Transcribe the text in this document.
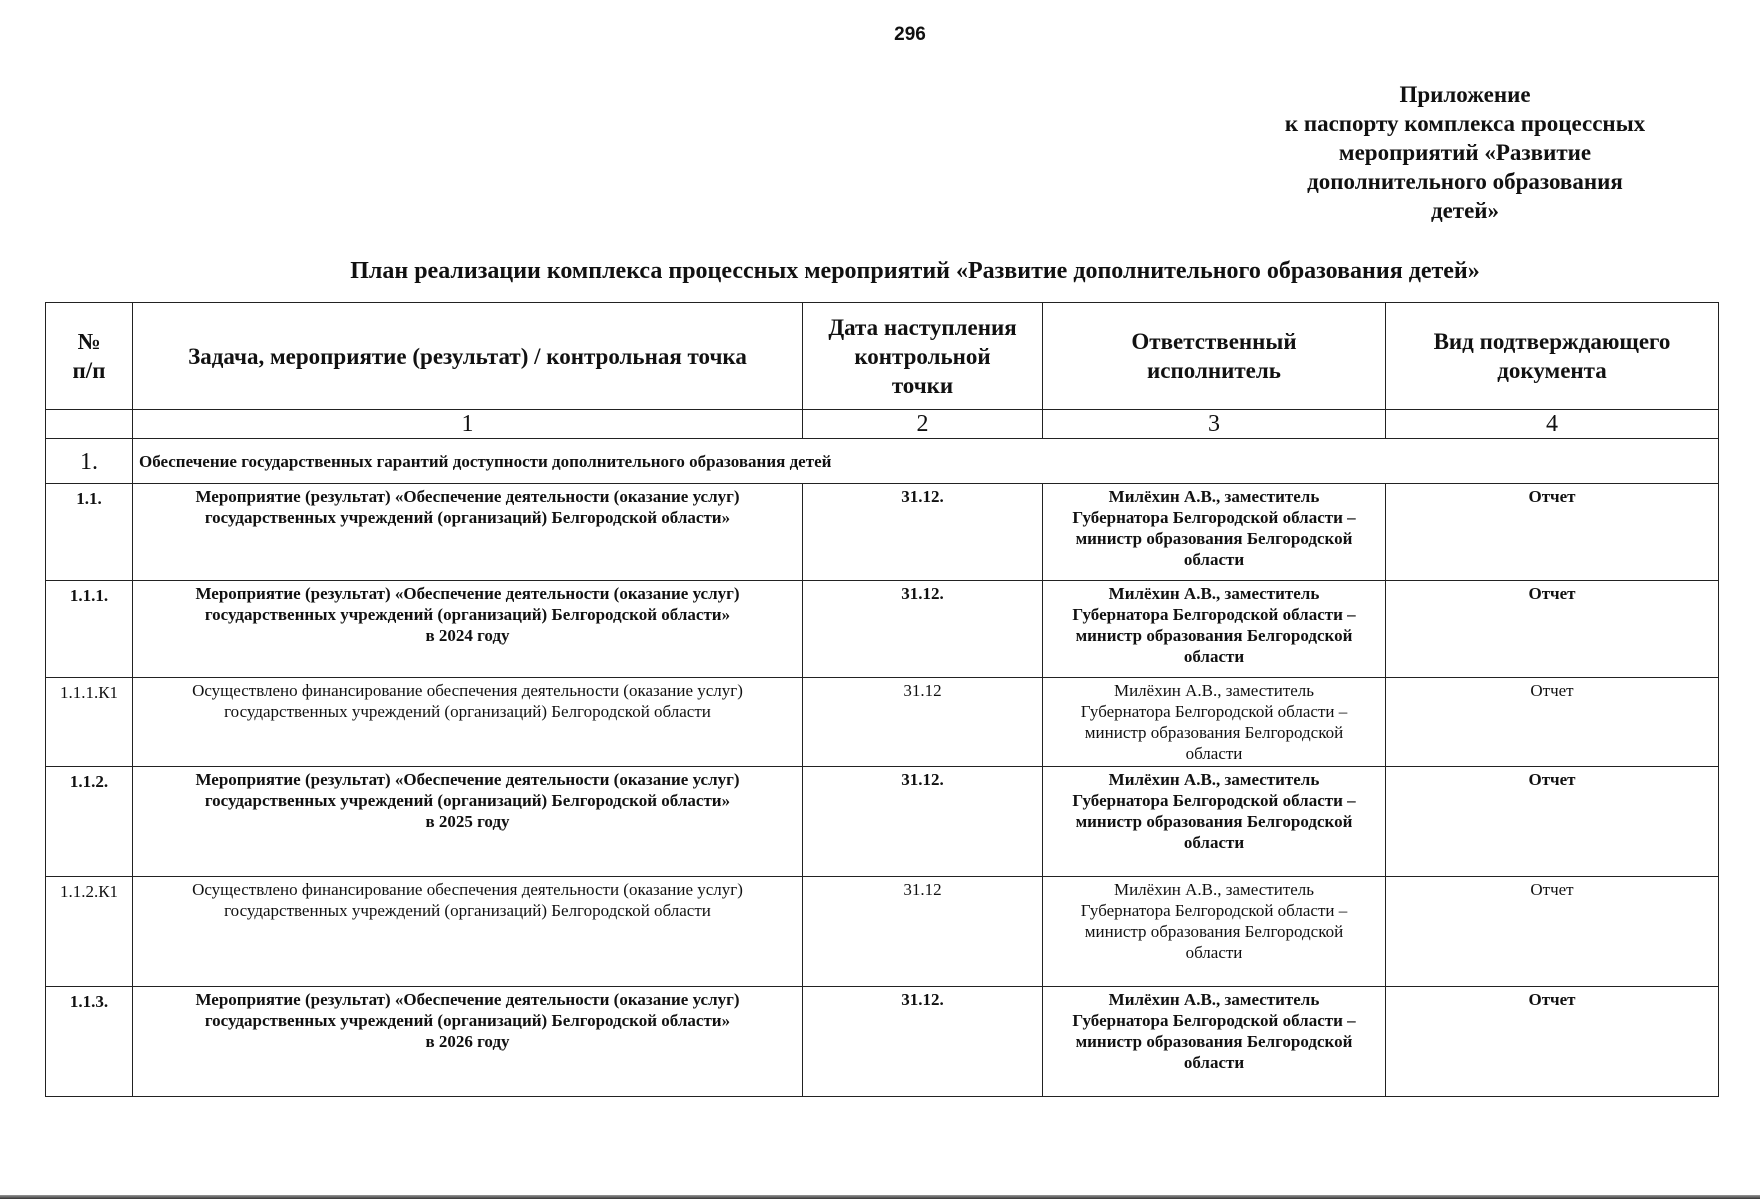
296
Приложение
к паспорту комплекса процессных
мероприятий «Развитие
дополнительного образования
детей»
План реализации комплекса процессных мероприятий «Развитие дополнительного образования детей»
№
п/п	Задача, мероприятие (результат) / контрольная точка	Дата наступления
контрольной
точки	Ответственный
исполнитель	Вид подтверждающего
документа

	1	2	3	4
1.	Обеспечение государственных гарантий доступности дополнительного образования детей			
1.1.	Мероприятие (результат) «Обеспечение деятельности (оказание услуг)
государственных учреждений (организаций) Белгородской области»	31.12.	Милёхин А.В., заместитель
Губернатора Белгородской области –
министр образования Белгородской
области	Отчет
1.1.1.	Мероприятие (результат) «Обеспечение деятельности (оказание услуг)
государственных учреждений (организаций) Белгородской области»
в 2024 году	31.12.	Милёхин А.В., заместитель
Губернатора Белгородской области –
министр образования Белгородской
области	Отчет
1.1.1.К1	Осуществлено финансирование обеспечения деятельности (оказание услуг)
государственных учреждений (организаций) Белгородской области	31.12	Милёхин А.В., заместитель
Губернатора Белгородской области –
министр образования Белгородской
области	Отчет
1.1.2.	Мероприятие (результат) «Обеспечение деятельности (оказание услуг)
государственных учреждений (организаций) Белгородской области»
в 2025 году	31.12.	Милёхин А.В., заместитель
Губернатора Белгородской области –
министр образования Белгородской
области	Отчет
1.1.2.К1	Осуществлено финансирование обеспечения деятельности (оказание услуг)
государственных учреждений (организаций) Белгородской области	31.12	Милёхин А.В., заместитель
Губернатора Белгородской области –
министр образования Белгородской
области	Отчет
1.1.3.	Мероприятие (результат) «Обеспечение деятельности (оказание услуг)
государственных учреждений (организаций) Белгородской области»
в 2026 году	31.12.	Милёхин А.В., заместитель
Губернатора Белгородской области –
министр образования Белгородской
области	Отчет
